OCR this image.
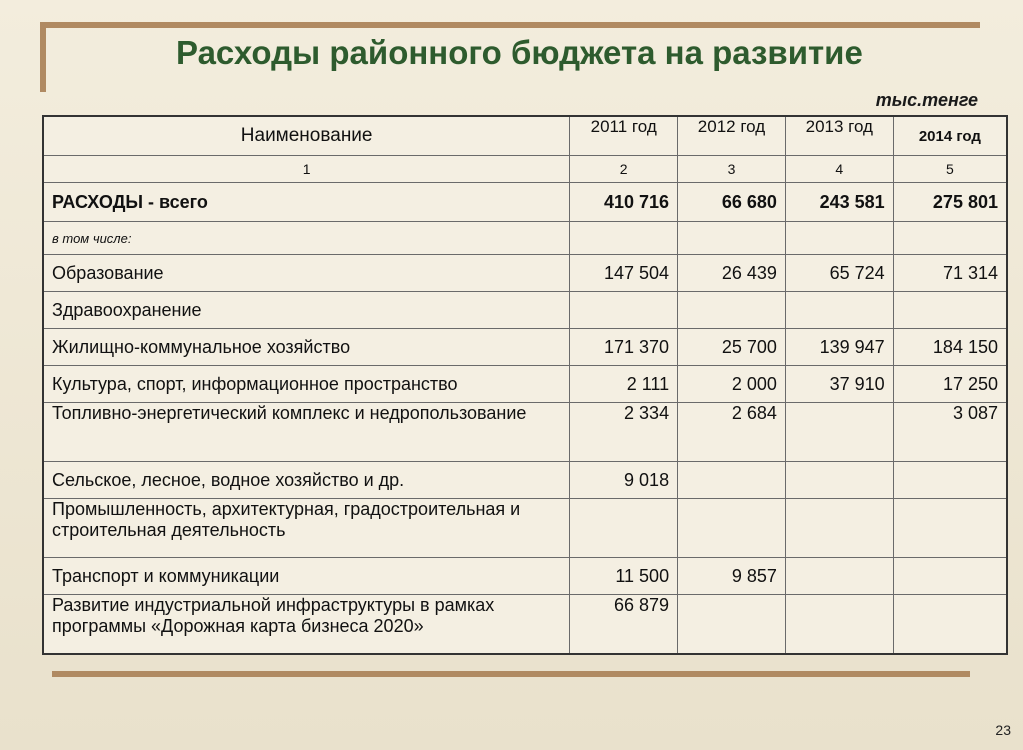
Расходы районного бюджета на развитие
тыс.тенге
Наименование	2011 год	2012 год	2013 год	2014 год
1	2	3	4	5
РАСХОДЫ - всего	410 716	66 680	243 581	275 801
в том числе:				
Образование	147 504	26 439	65 724	71 314
Здравоохранение				
Жилищно-коммунальное хозяйство	171 370	25 700	139 947	184 150
Культура, спорт, информационное пространство	2 111	2 000	37 910	17 250
Топливно-энергетический комплекс и недропользование	2 334	2 684		3 087
Сельское, лесное, водное хозяйство и др.	9 018			
Промышленность, архитектурная, градостроительная и строительная деятельность				
Транспорт и коммуникации	11 500	9 857		
Развитие индустриальной инфраструктуры в рамках программы «Дорожная карта бизнеса 2020»	66 879			
23
